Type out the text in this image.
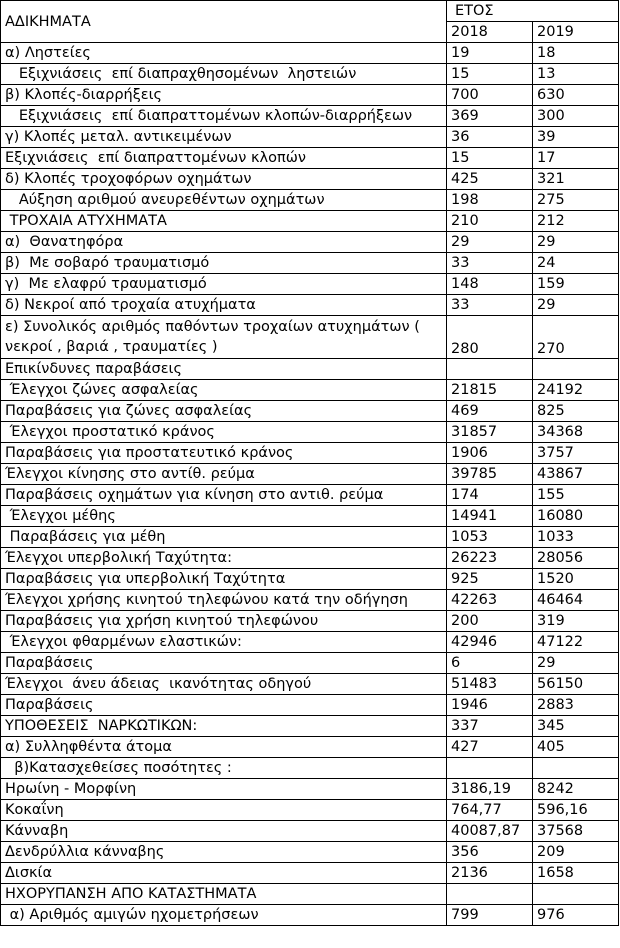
ΑΔΙΚΗΜΑΤΑ	ΕΤΟΣ	
	2018	2019
α) Ληστείες	19	18
Εξιχνιάσεις  επί διαπραχθησομένων  ληστειών	15	13
β) Κλοπές-διαρρήξεις	700	630
Εξιχνιάσεις  επί διαπραττομένων κλοπών-διαρρήξεων	369	300
γ) Κλοπές μεταλ. αντικειμένων	36	39
Εξιχνιάσεις  επί διαπραττομένων κλοπών	15	17
δ) Κλοπές τροχοφόρων οχημάτων	425	321
Αύξηση αριθμού ανευρεθέντων οχημάτων	198	275
ΤΡΟΧΑΙΑ ΑΤΥΧΗΜΑΤΑ	210	212
α)  Θανατηφόρα	29	29
β)  Με σοβαρό τραυματισμό	33	24
γ)  Με ελαφρύ τραυματισμό	148	159
δ) Νεκροί από τροχαία ατυχήματα	33	29
ε) Συνολικός αριθμός παθόντων τροχαίων ατυχημάτων ( νεκροί , βαριά , τραυματίες )	280	270
Επικίνδυνες παραβάσεις		
Έλεγχοι ζώνες ασφαλείας	21815	24192
Παραβάσεις για ζώνες ασφαλείας	469	825
Έλεγχοι προστατικό κράνος	31857	34368
Παραβάσεις για προστατευτικό κράνος	1906	3757
Έλεγχοι κίνησης στο αντίθ. ρεύμα	39785	43867
Παραβάσεις οχημάτων για κίνηση στο αντιθ. ρεύμα	174	155
Έλεγχοι μέθης	14941	16080
Παραβάσεις για μέθη	1053	1033
Έλεγχοι υπερβολική Ταχύτητα:	26223	28056
Παραβάσεις για υπερβολική Ταχύτητα	925	1520
Έλεγχοι χρήσης κινητού τηλεφώνου κατά την οδήγηση	42263	46464
Παραβάσεις για χρήση κινητού τηλεφώνου	200	319
Έλεγχοι φθαρμένων ελαστικών:	42946	47122
Παραβάσεις	6	29
Έλεγχοι  άνευ άδειας  ικανότητας οδηγού	51483	56150
Παραβάσεις	1946	2883
ΥΠΟΘΕΣΕΙΣ  ΝΑΡΚΩΤΙΚΩΝ:	337	345
α) Συλληφθέντα άτομα	427	405
β)Κατασχεθείσες ποσότητες :		
Ηρωίνη - Μορφίνη	3186,19	8242
Κοκαΐνη	764,77	596,16
Κάνναβη	40087,87	37568
Δενδρύλλια κάνναβης	356	209
Δισκία	2136	1658
ΗΧΟΡΥΠΑΝΣΗ ΑΠΟ ΚΑΤΑΣΤΗΜΑΤΑ		
α) Αριθμός αμιγών ηχομετρήσεων	799	976
